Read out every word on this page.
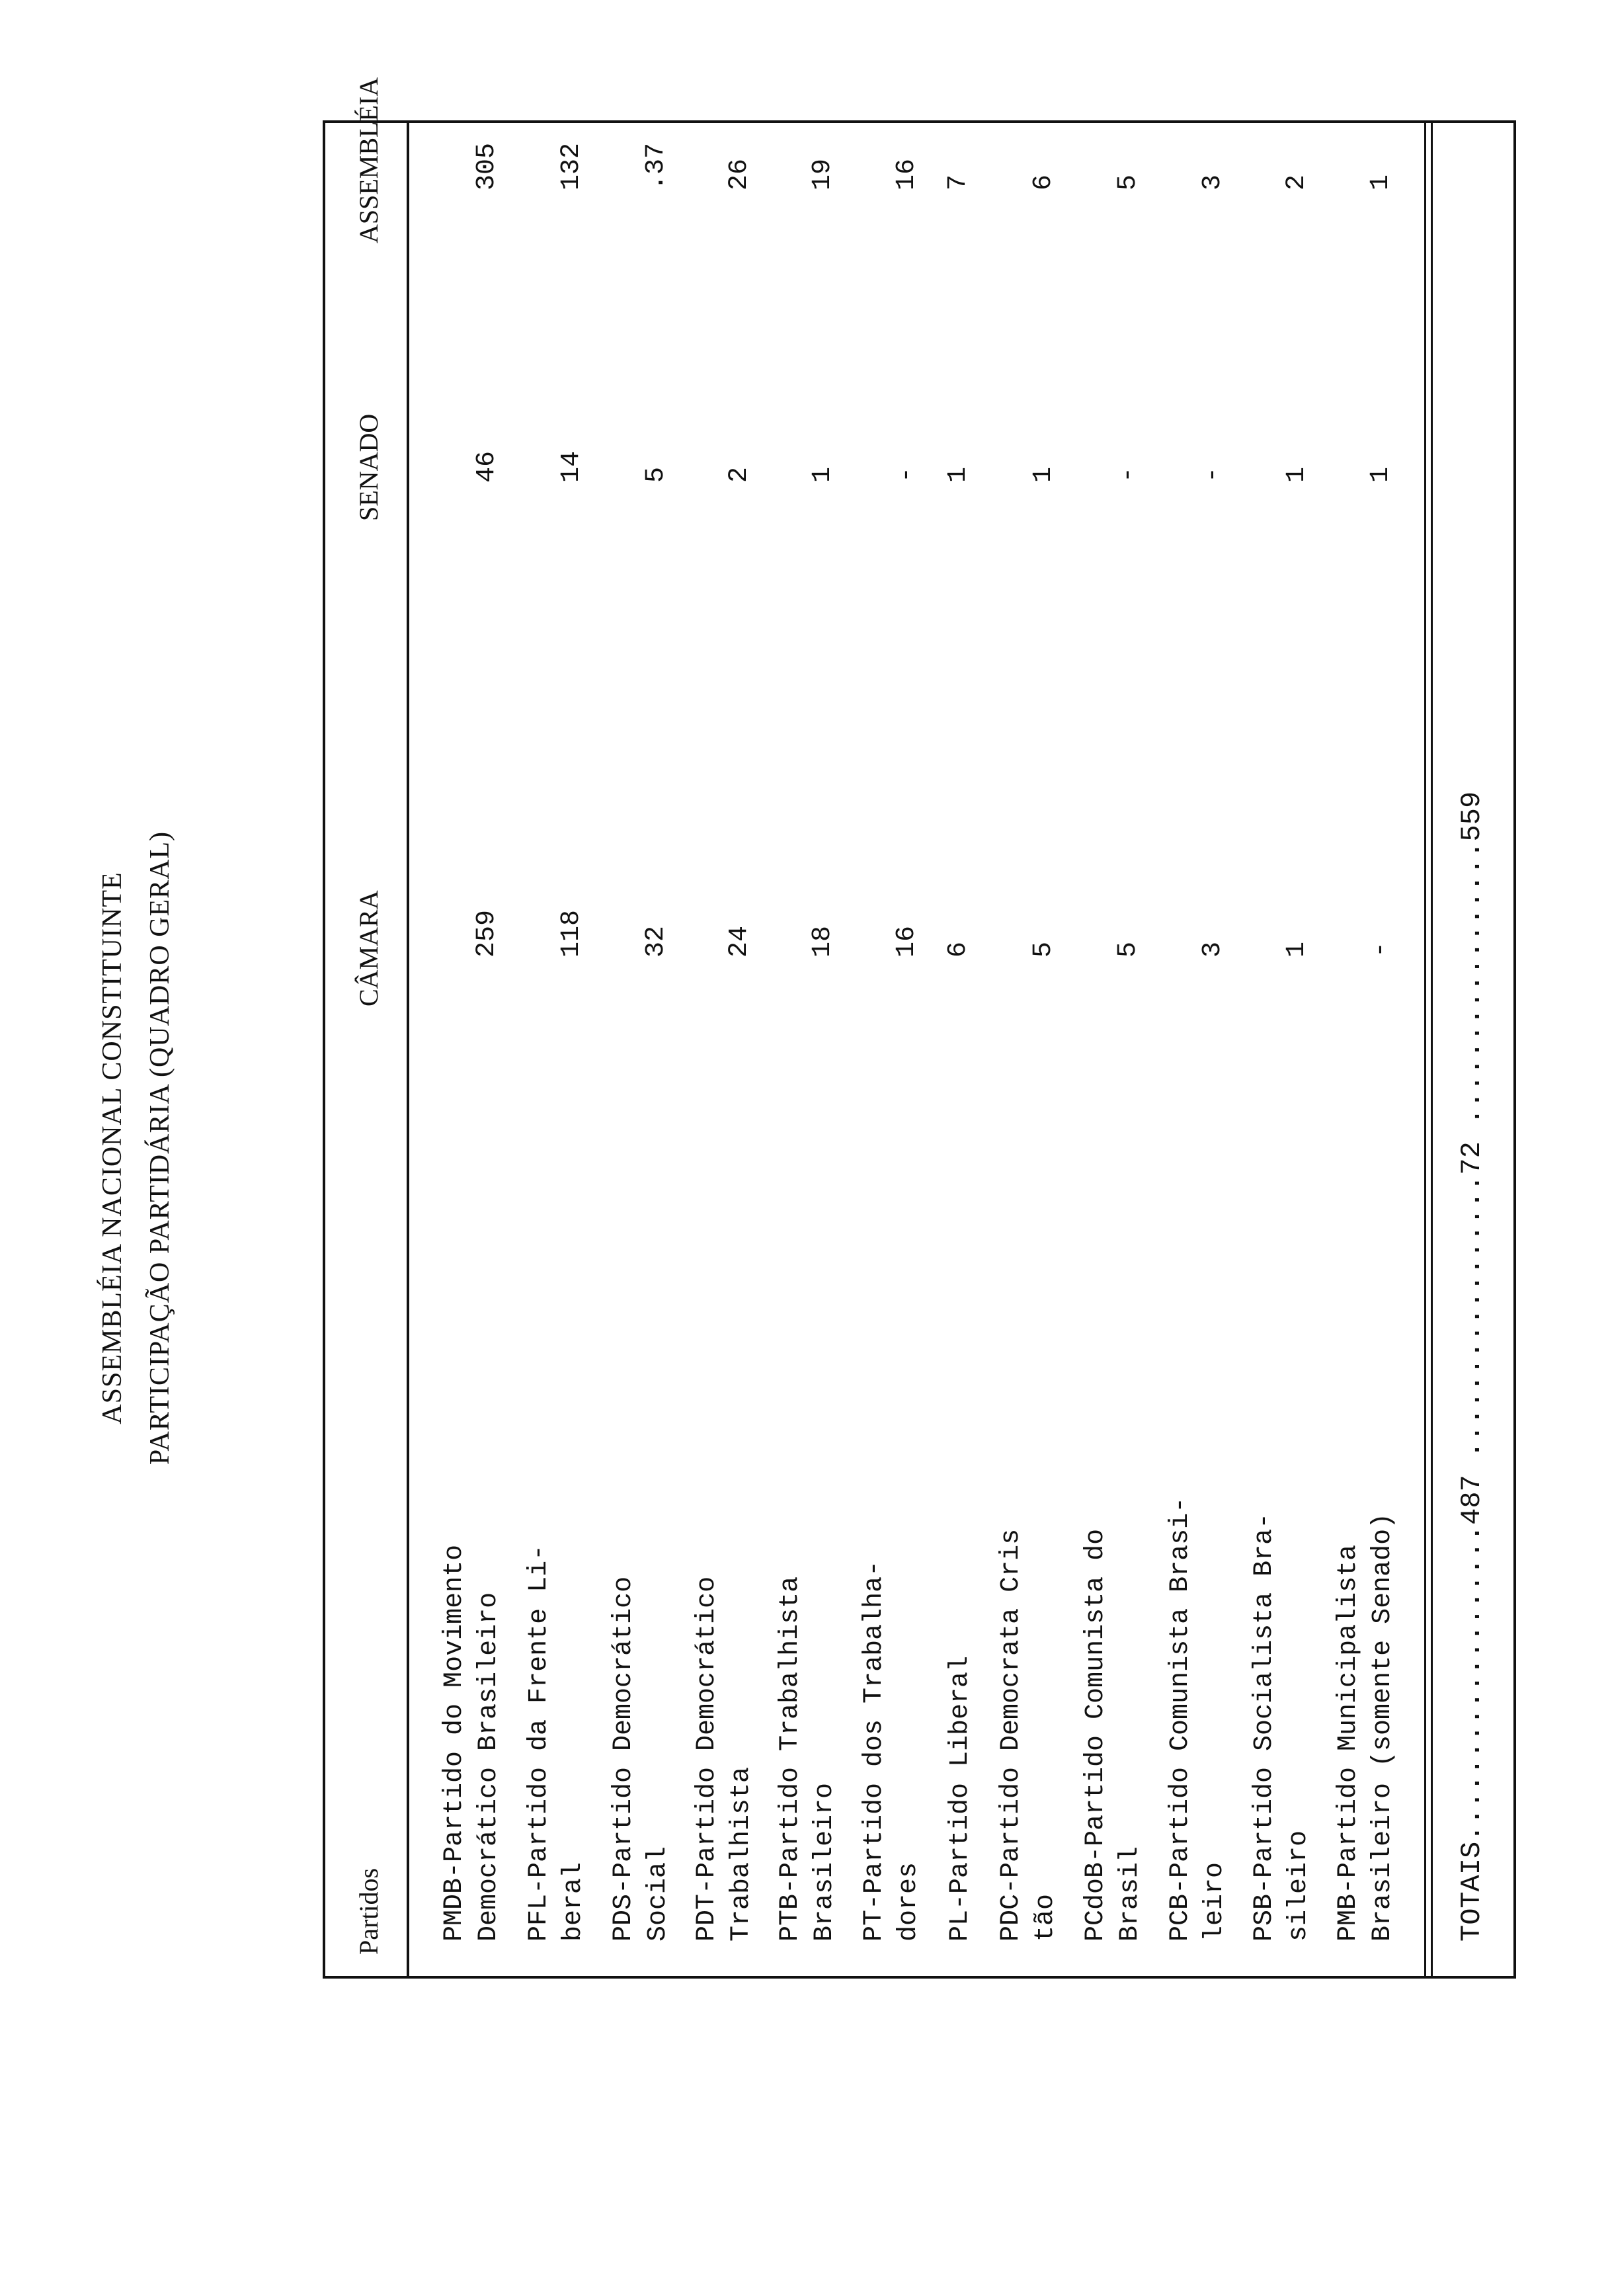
ASSEMBLÉIA NACIONAL CONSTITUINTE PARTICIPAÇÃO PARTIDÁRIA (QUADRO GERAL)
Partidos
CÂMARA
SENADO
ASSEMBLÉIA
PMDB-Partido do Movimento
Democrático Brasileiro
259
46
305
PFL-Partido da Frente Li-
beral
118
14
132
PDS-Partido Democrático
Social
32
5
.37
PDT-Partido Democrático
Trabalhista
24
2
26
PTB-Partido Trabalhista
Brasileiro
18
1
19
PT-Partido dos Trabalha-
dores
16
-
16
PL-Partido Liberal
6
1
7
PDC-Partido Democrata Cris
tão
5
1
6
PCdoB-Partido Comunista do
Brasil
5
-
5
PCB-Partido Comunista Brasi-
leiro
3
-
3
PSB-Partido Socialista Bra-
sileiro
1
1
2
PMB-Partido Municipalista
Brasileiro (somente Senado)
-
1
1
TOTAIS...................487 .................72 .................559
